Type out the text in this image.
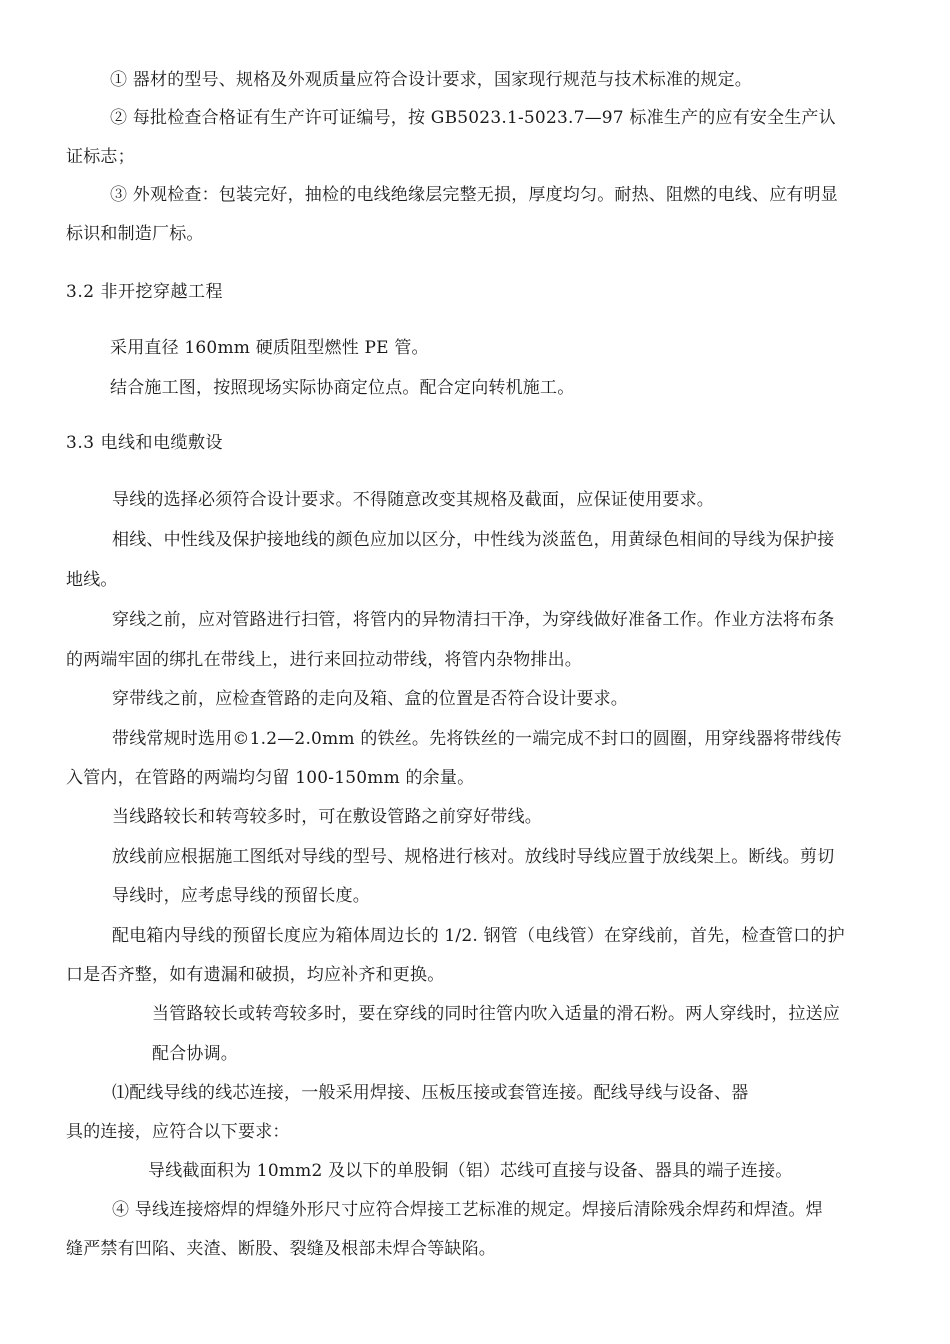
① 器材的型号、规格及外观质量应符合设计要求，国家现行规范与技术标准的规定。

② 每批检查合格证有生产许可证编号，按 GB5023.1-5023.7—97 标准生产的应有安全生产认

证标志；

③ 外观检查：包装完好，抽检的电线绝缘层完整无损，厚度均匀。耐热、阻燃的电线、应有明显

标识和制造厂标。

3.2 非开挖穿越工程

采用直径 160mm 硬质阻型燃性 PE 管。

结合施工图，按照现场实际协商定位点。配合定向转机施工。

3.3 电线和电缆敷设

导线的选择必须符合设计要求。不得随意改变其规格及截面，应保证使用要求。

相线、中性线及保护接地线的颜色应加以区分，中性线为淡蓝色，用黄绿色相间的导线为保护接

地线。

穿线之前，应对管路进行扫管，将管内的异物清扫干净，为穿线做好准备工作。作业方法将布条

的两端牢固的绑扎在带线上，进行来回拉动带线，将管内杂物排出。

穿带线之前，应检查管路的走向及箱、盒的位置是否符合设计要求。

带线常规时选用©1.2—2.0mm 的铁丝。先将铁丝的一端完成不封口的圆圈，用穿线器将带线传

入管内，在管路的两端均匀留 100-150mm 的余量。

当线路较长和转弯较多时，可在敷设管路之前穿好带线。

放线前应根据施工图纸对导线的型号、规格进行核对。放线时导线应置于放线架上。断线。剪切

导线时，应考虑导线的预留长度。

配电箱内导线的预留长度应为箱体周边长的 1/2. 钢管（电线管）在穿线前，首先，检查管口的护

口是否齐整，如有遗漏和破损，均应补齐和更换。

当管路较长或转弯较多时，要在穿线的同时往管内吹入适量的滑石粉。两人穿线时，拉送应

配合协调。

⑴配线导线的线芯连接，一般采用焊接、压板压接或套管连接。配线导线与设备、器

具的连接，应符合以下要求：

导线截面积为 10mm2 及以下的单股铜（铝）芯线可直接与设备、器具的端子连接。

④ 导线连接熔焊的焊缝外形尺寸应符合焊接工艺标准的规定。焊接后清除残余焊药和焊渣。焊

缝严禁有凹陷、夹渣、断股、裂缝及根部未焊合等缺陷。
